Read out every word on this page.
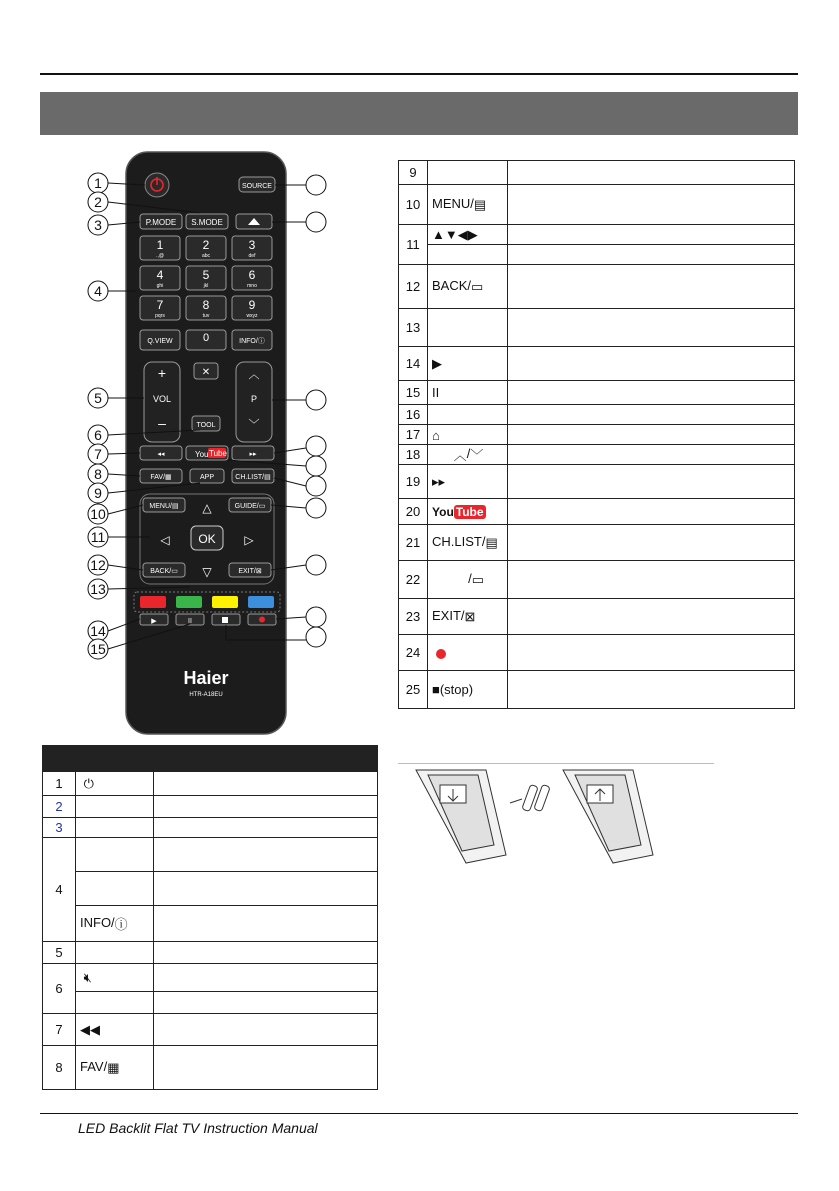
SOURCE
P.MODE S.MODE
1
.,@
2
abc
3
def
4
ghi
5
jkl
6
mno
7
pqrs
8
tuv
9
wxyz
Q.VIEW	0	INFO/ⓘ
+
VOL
–
✕	︿
P
﹀
TOOL
◂◂	You Tube	▸▸
FAV/▦	APP	CH.LIST/▤
MENU/▤	GUIDE/▭
△
◁	▷
▽
OK
BACK/▭	EXIT/⊠
▶	II
Haier
HTR-A18EU
1
2
3
4
5
6
7
8
9
10
11
12
13
14
15
9		
10	MENU/▤	
11	▲▼◀▶	

12	BACK/▭	
13		
14	▶	
15	II	
16		
17	⌂	
18	︿/﹀	
19	▸▸	
20	You Tube	
21	CH.LIST/▤	
22	/▭	
23	EXIT/⊠	
24		
25	■(stop)	

1	⏻	
2		
3		
4		

	INFO/ⓘ	
5		
6	🔇︎	

7	◀◀	
8	FAV/▦	
LED Backlit Flat TV Instruction Manual
